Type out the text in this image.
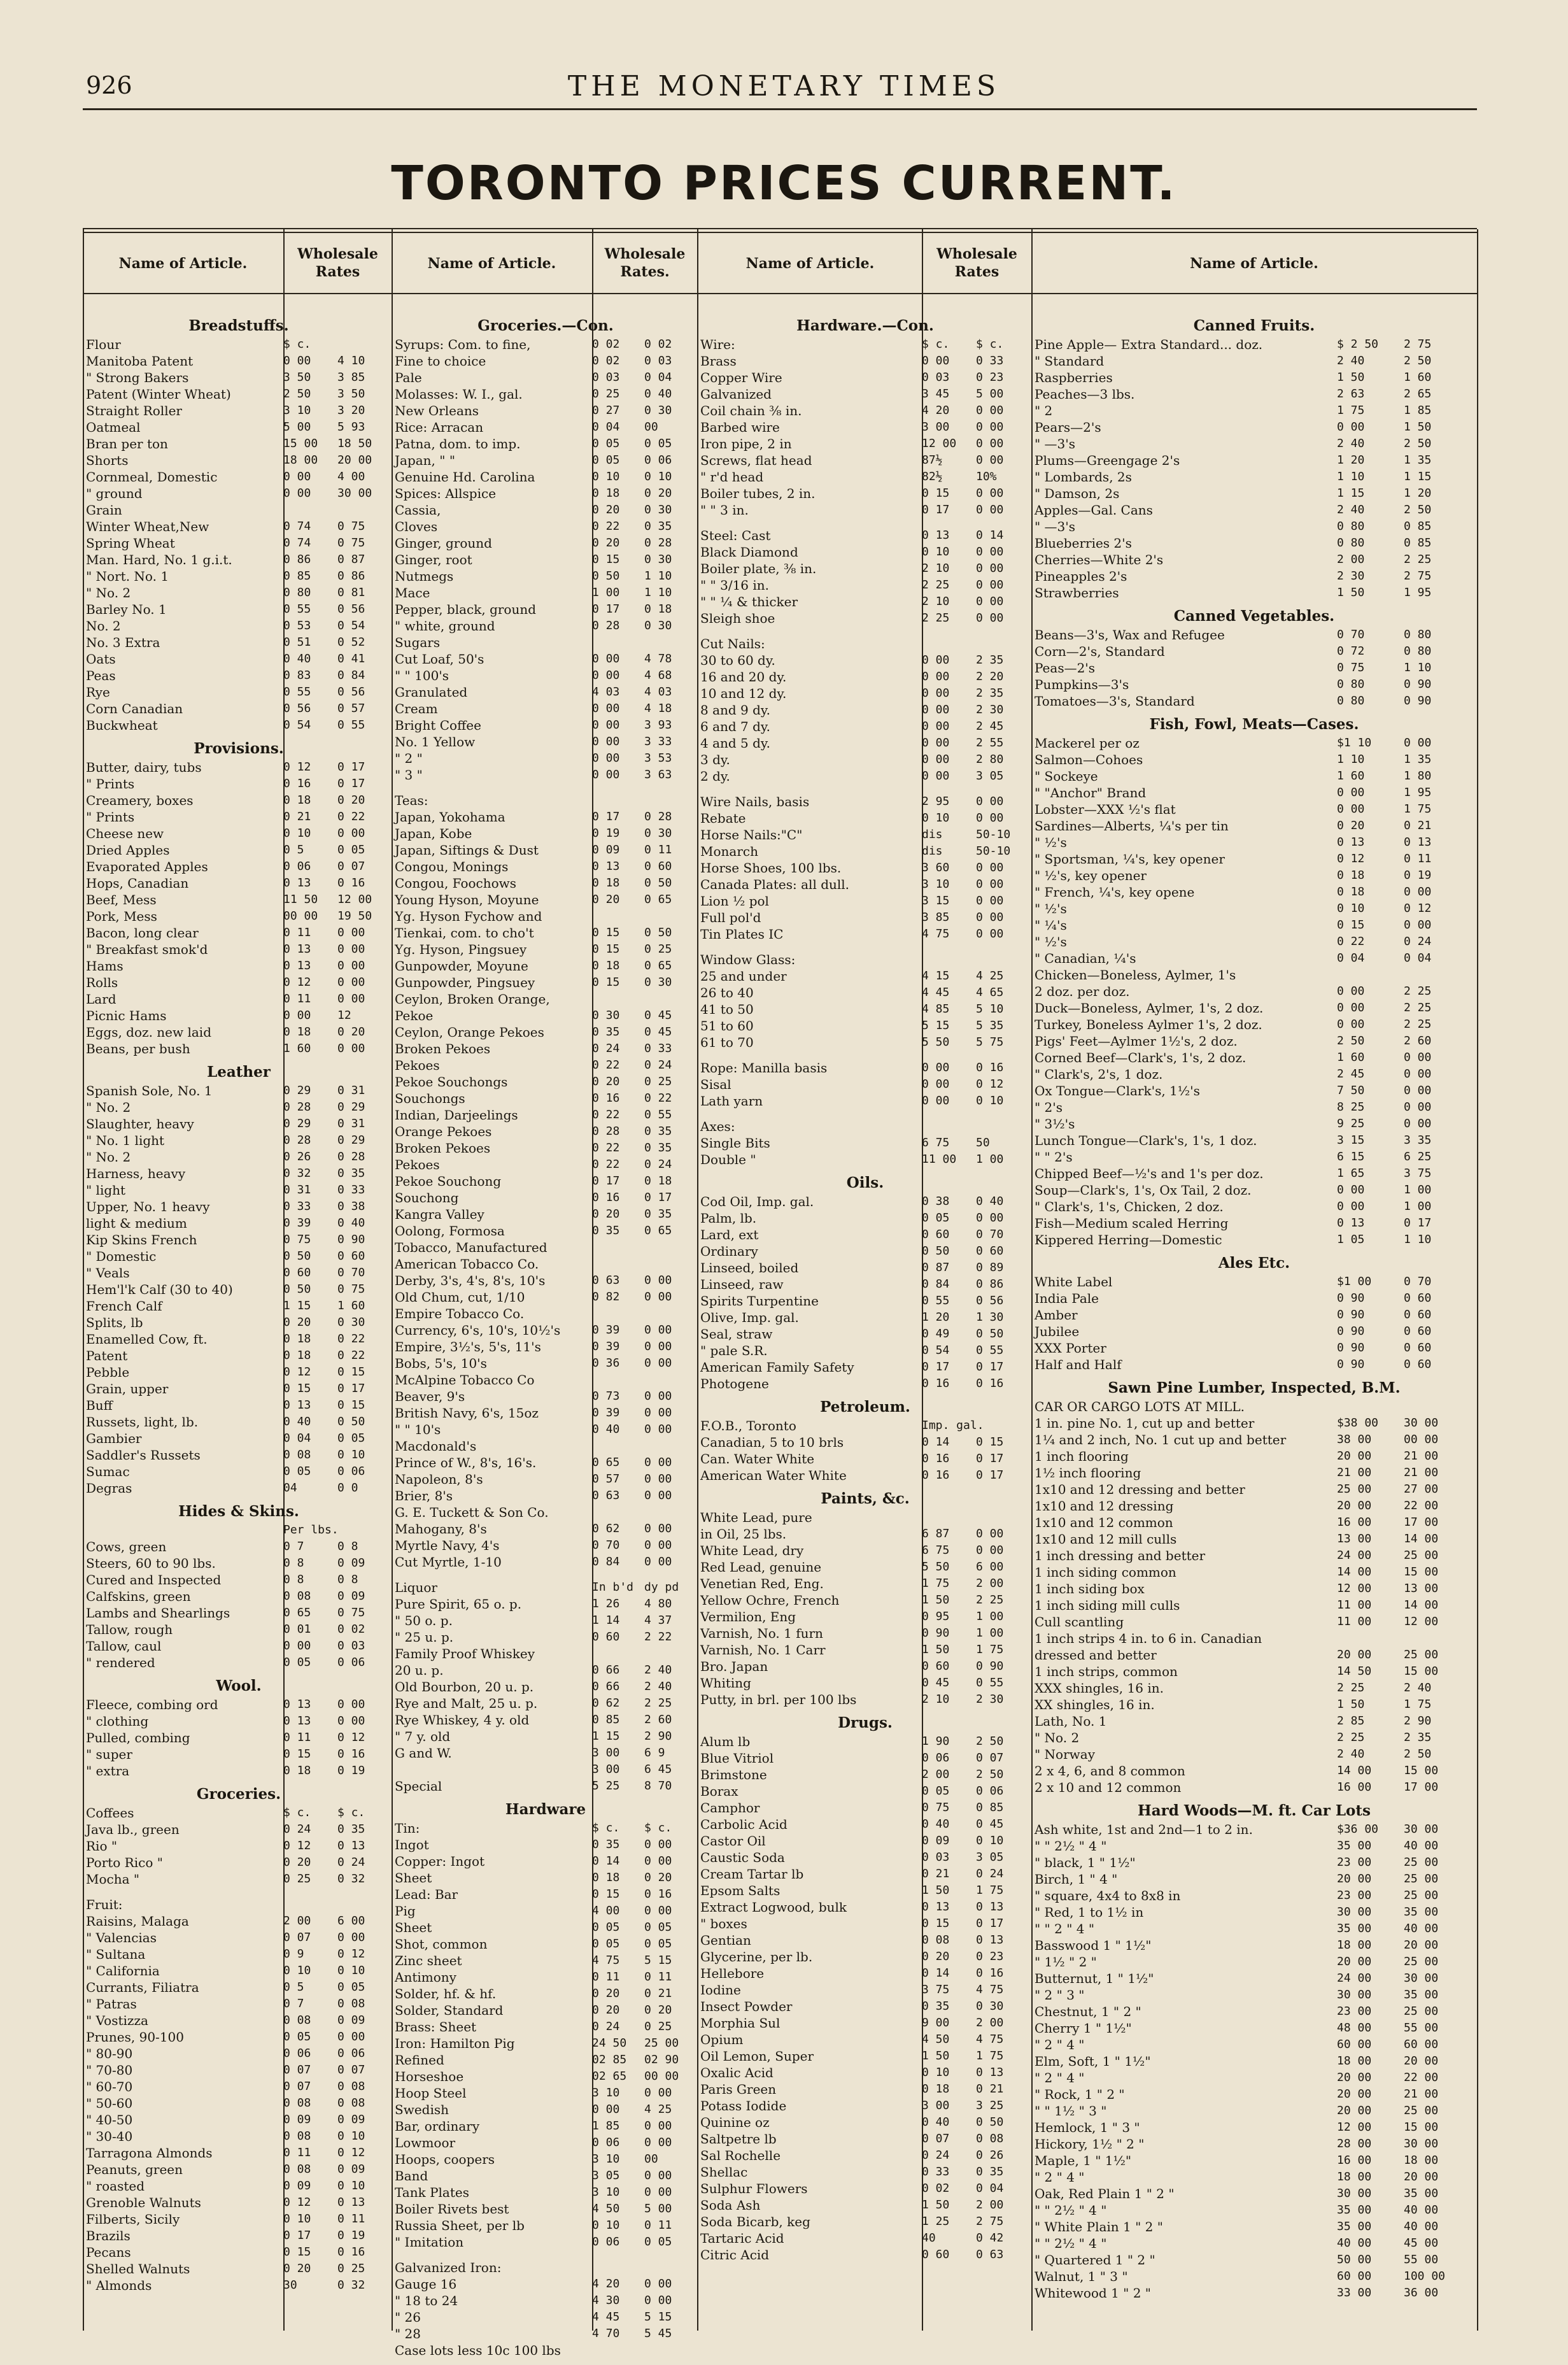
926	THE MONETARY TIMES
TORONTO PRICES CURRENT.
Name of Article.
Wholesale Rates	Name of Article.
Wholesale Rates.	Name of Article.
Wholesale Rates	Name of Article.
Breadstuffs.
Flour	$ c.
Manitoba Patent	0 00	4 10
" Strong Bakers	3 50	3 85
Patent (Winter Wheat)	2 50	3 50
Straight Roller	3 10	3 20
Oatmeal	5 00	5 93
Bran per ton	15 00	18 50
Shorts	18 00	20 00
Cornmeal, Domestic	0 00	4 00
" ground	0 00	30 00
Grain
Winter Wheat,New	0 74	0 75
Spring Wheat	0 74	0 75
Man. Hard, No. 1 g.i.t.	0 86	0 87
" Nort. No. 1	0 85	0 86
" No. 2	0 80	0 81
Barley No. 1	0 55	0 56
No. 2	0 53	0 54
No. 3 Extra	0 51	0 52
Oats	0 40	0 41
Peas	0 83	0 84
Rye	0 55	0 56
Corn Canadian	0 56	0 57
Buckwheat	0 54	0 55
Provisions.
Butter, dairy, tubs	0 12	0 17
" Prints	0 16	0 17
Creamery, boxes	0 18	0 20
" Prints	0 21	0 22
Cheese new	0 10	0 00
Dried Apples	0 5	0 05
Evaporated Apples	0 06	0 07
Hops, Canadian	0 13	0 16
Beef, Mess	11 50	12 00
Pork, Mess	00 00	19 50
Bacon, long clear	0 11	0 00
" Breakfast smok'd	0 13	0 00
Hams	0 13	0 00
Rolls	0 12	0 00
Lard	0 11	0 00
Picnic Hams	0 00	12
Eggs, doz. new laid	0 18	0 20
Beans, per bush	1 60	0 00
Leather
Spanish Sole, No. 1	0 29	0 31
" No. 2	0 28	0 29
Slaughter, heavy	0 29	0 31
" No. 1 light	0 28	0 29
" No. 2	0 26	0 28
Harness, heavy	0 32	0 35
" light	0 31	0 33
Upper, No. 1 heavy	0 33	0 38
light & medium	0 39	0 40
Kip Skins French	0 75	0 90
" Domestic	0 50	0 60
" Veals	0 60	0 70
Hem'l'k Calf (30 to 40)	0 50	0 75
French Calf	1 15	1 60
Splits, lb	0 20	0 30
Enamelled Cow, ft.	0 18	0 22
Patent	0 18	0 22
Pebble	0 12	0 15
Grain, upper	0 15	0 17
Buff	0 13	0 15
Russets, light, lb.	0 40	0 50
Gambier	0 04	0 05
Saddler's Russets	0 08	0 10
Sumac	0 05	0 06
Degras	04	0 0
Hides & Skins.
Per lbs.
Cows, green	0 7	0 8
Steers, 60 to 90 lbs.	0 8	0 09
Cured and Inspected	0 8	0 8
Calfskins, green	0 08	0 09
Lambs and Shearlings	0 65	0 75
Tallow, rough	0 01	0 02
Tallow, caul	0 00	0 03
" rendered	0 05	0 06
Wool.
Fleece, combing ord	0 13	0 00
" clothing	0 13	0 00
Pulled, combing	0 11	0 12
" super	0 15	0 16
" extra	0 18	0 19
Groceries.
Coffees	$ c.	$ c.
Java lb., green	0 24	0 35
Rio "	0 12	0 13
Porto Rico "	0 20	0 24
Mocha "	0 25	0 32
Fruit:
Raisins, Malaga	2 00	6 00
" Valencias	0 07	0 00
" Sultana	0 9	0 12
" California	0 10	0 10
Currants, Filiatra	0 5	0 05
" Patras	0 7	0 08
" Vostizza	0 08	0 09
Prunes, 90-100	0 05	0 00
" 80-90	0 06	0 06
" 70-80	0 07	0 07
" 60-70	0 07	0 08
" 50-60	0 08	0 08
" 40-50	0 09	0 09
" 30-40	0 08	0 10
Tarragona Almonds	0 11	0 12
Peanuts, green	0 08	0 09
" roasted	0 09	0 10
Grenoble Walnuts	0 12	0 13
Filberts, Sicily	0 10	0 11
Brazils	0 17	0 19
Pecans	0 15	0 16
Shelled Walnuts	0 20	0 25
" Almonds	30	0 32
Groceries.—Con.
Syrups: Com. to fine,	0 02	0 02
Fine to choice	0 02	0 03
Pale	0 03	0 04
Molasses: W. I., gal.	0 25	0 40
New Orleans	0 27	0 30
Rice: Arracan	0 04	00
Patna, dom. to imp.	0 05	0 05
Japan, " "	0 05	0 06
Genuine Hd. Carolina	0 10	0 10
Spices: Allspice	0 18	0 20
Cassia,	0 20	0 30
Cloves	0 22	0 35
Ginger, ground	0 20	0 28
Ginger, root	0 15	0 30
Nutmegs	0 50	1 10
Mace	1 00	1 10
Pepper, black, ground	0 17	0 18
" white, ground	0 28	0 30
Sugars
Cut Loaf, 50's	0 00	4 78
" " 100's	0 00	4 68
Granulated	4 03	4 03
Cream	0 00	4 18
Bright Coffee	0 00	3 93
No. 1 Yellow	0 00	3 33
" 2 "	0 00	3 53
" 3 "	0 00	3 63
Teas:
Japan, Yokohama	0 17	0 28
Japan, Kobe	0 19	0 30
Japan, Siftings & Dust	0 09	0 11
Congou, Monings	0 13	0 60
Congou, Foochows	0 18	0 50
Young Hyson, Moyune	0 20	0 65
Yg. Hyson Fychow and
Tienkai, com. to cho't	0 15	0 50
Yg. Hyson, Pingsuey	0 15	0 25
Gunpowder, Moyune	0 18	0 65
Gunpowder, Pingsuey	0 15	0 30
Ceylon, Broken Orange,
Pekoe	0 30	0 45
Ceylon, Orange Pekoes	0 35	0 45
Broken Pekoes	0 24	0 33
Pekoes	0 22	0 24
Pekoe Souchongs	0 20	0 25
Souchongs	0 16	0 22
Indian, Darjeelings	0 22	0 55
Orange Pekoes	0 28	0 35
Broken Pekoes	0 22	0 35
Pekoes	0 22	0 24
Pekoe Souchong	0 17	0 18
Souchong	0 16	0 17
Kangra Valley	0 20	0 35
Oolong, Formosa	0 35	0 65
Tobacco, Manufactured
American Tobacco Co.
Derby, 3's, 4's, 8's, 10's	0 63	0 00
Old Chum, cut, 1/10	0 82	0 00
Empire Tobacco Co.
Currency, 6's, 10's, 10½'s	0 39	0 00
Empire, 3½'s, 5's, 11's	0 39	0 00
Bobs, 5's, 10's	0 36	0 00
McAlpine Tobacco Co
Beaver, 9's	0 73	0 00
British Navy, 6's, 15oz	0 39	0 00
" " 10's	0 40	0 00
Macdonald's
Prince of W., 8's, 16's.	0 65	0 00
Napoleon, 8's	0 57	0 00
Brier, 8's	0 63	0 00
G. E. Tuckett & Son Co.
Mahogany, 8's	0 62	0 00
Myrtle Navy, 4's	0 70	0 00
Cut Myrtle, 1-10	0 84	0 00
Liquor	In b'd dy pd
Pure Spirit, 65 o. p.	1 26	4 80
" 50 o. p.	1 14	4 37
" 25 u. p.	0 60	2 22
Family Proof Whiskey
20 u. p.	0 66	2 40
Old Bourbon, 20 u. p.	0 66	2 40
Rye and Malt, 25 u. p.	0 62	2 25
Rye Whiskey, 4 y. old	0 85	2 60
" 7 y. old	1 15	2 90
G and W.	3 00	6 9
3 00	6 45
Special	5 25	8 70
Hardware
Tin:	$ c.	$ c.
Ingot	0 35	0 00
Copper: Ingot	0 14	0 00
Sheet	0 18	0 20
Lead: Bar	0 15	0 16
Pig	4 00	0 00
Sheet	0 05	0 05
Shot, common	0 05	0 05
Zinc sheet	4 75	5 15
Antimony	0 11	0 11
Solder, hf. & hf.	0 20	0 21
Solder, Standard	0 20	0 20
Brass: Sheet	0 24	0 25
Iron: Hamilton Pig	24 50	25 00
Refined	02 85	02 90
Horseshoe	02 65	00 00
Hoop Steel	3 10	0 00
Swedish	0 00	4 25
Bar, ordinary	1 85	0 00
Lowmoor	0 06	0 00
Hoops, coopers	3 10	00
Band	3 05	0 00
Tank Plates	3 10	0 00
Boiler Rivets best	4 50	5 00
Russia Sheet, per lb	0 10	0 11
" Imitation	0 06	0 05
Galvanized Iron:
Gauge 16	4 20	0 00
" 18 to 24	4 30	0 00
" 26	4 45	5 15
" 28	4 70	5 45
Case lots less 10c 100 lbs
Hardware.—Con.
Wire:	$ c.	$ c.
Brass	0 00	0 33
Copper Wire	0 03	0 23
Galvanized	3 45	5 00
Coil chain ⅜ in.	4 20	0 00
Barbed wire	3 00	0 00
Iron pipe, 2 in	12 00	0 00
Screws, flat head	87½	0 00
" r'd head	82½	10%
Boiler tubes, 2 in.	0 15	0 00
" " 3 in.	0 17	0 00
Steel: Cast	0 13	0 14
Black Diamond	0 10	0 00
Boiler plate, ⅜ in.	2 10	0 00
" " 3/16 in.	2 25	0 00
" " ¼ & thicker	2 10	0 00
Sleigh shoe	2 25	0 00
Cut Nails:
30 to 60 dy.	0 00	2 35
16 and 20 dy.	0 00	2 20
10 and 12 dy.	0 00	2 35
8 and 9 dy.	0 00	2 30
6 and 7 dy.	0 00	2 45
4 and 5 dy.	0 00	2 55
3 dy.	0 00	2 80
2 dy.	0 00	3 05
Wire Nails, basis	2 95	0 00
Rebate	0 10	0 00
Horse Nails:"C"	dis	50-10
Monarch	dis	50-10
Horse Shoes, 100 lbs.	3 60	0 00
Canada Plates: all dull.	3 10	0 00
Lion ½ pol	3 15	0 00
Full pol'd	3 85	0 00
Tin Plates IC	4 75	0 00
Window Glass:
25 and under	4 15	4 25
26 to 40	4 45	4 65
41 to 50	4 85	5 10
51 to 60	5 15	5 35
61 to 70	5 50	5 75
Rope: Manilla basis	0 00	0 16
Sisal	0 00	0 12
Lath yarn	0 00	0 10
Axes:
Single Bits	6 75	50
Double "	11 00	1 00
Oils.
Cod Oil, Imp. gal.	0 38	0 40
Palm, lb.	0 05	0 00
Lard, ext	0 60	0 70
Ordinary	0 50	0 60
Linseed, boiled	0 87	0 89
Linseed, raw	0 84	0 86
Spirits Turpentine	0 55	0 56
Olive, Imp. gal.	1 20	1 30
Seal, straw	0 49	0 50
" pale S.R.	0 54	0 55
American Family Safety	0 17	0 17
Photogene	0 16	0 16
Petroleum.
F.O.B., Toronto	Imp. gal.
Canadian, 5 to 10 brls	0 14	0 15
Can. Water White	0 16	0 17
American Water White	0 16	0 17
Paints, &c.
White Lead, pure
in Oil, 25 lbs.	6 87	0 00
White Lead, dry	6 75	0 00
Red Lead, genuine	5 50	6 00
Venetian Red, Eng.	1 75	2 00
Yellow Ochre, French	1 50	2 25
Vermilion, Eng	0 95	1 00
Varnish, No. 1 furn	0 90	1 00
Varnish, No. 1 Carr	1 50	1 75
Bro. Japan	0 60	0 90
Whiting	0 45	0 55
Putty, in brl. per 100 lbs	2 10	2 30
Drugs.
Alum lb	1 90	2 50
Blue Vitriol	0 06	0 07
Brimstone	2 00	2 50
Borax	0 05	0 06
Camphor	0 75	0 85
Carbolic Acid	0 40	0 45
Castor Oil	0 09	0 10
Caustic Soda	0 03	3 05
Cream Tartar lb	0 21	0 24
Epsom Salts	1 50	1 75
Extract Logwood, bulk	0 13	0 13
" boxes	0 15	0 17
Gentian	0 08	0 13
Glycerine, per lb.	0 20	0 23
Hellebore	0 14	0 16
Iodine	3 75	4 75
Insect Powder	0 35	0 30
Morphia Sul	9 00	2 00
Opium	4 50	4 75
Oil Lemon, Super	1 50	1 75
Oxalic Acid	0 10	0 13
Paris Green	0 18	0 21
Potass Iodide	3 00	3 25
Quinine oz	0 40	0 50
Saltpetre lb	0 07	0 08
Sal Rochelle	0 24	0 26
Shellac	0 33	0 35
Sulphur Flowers	0 02	0 04
Soda Ash	1 50	2 00
Soda Bicarb, keg	1 25	2 75
Tartaric Acid	40	0 42
Citric Acid	0 60	0 63
Canned Fruits.
Pine Apple— Extra Standard... doz.	$ 2 50	2 75
" Standard	2 40	2 50
Raspberries	1 50	1 60
Peaches—3 lbs.	2 63	2 65
" 2	1 75	1 85
Pears—2's	0 00	1 50
" —3's	2 40	2 50
Plums—Greengage 2's	1 20	1 35
" Lombards, 2s	1 10	1 15
" Damson, 2s	1 15	1 20
Apples—Gal. Cans	2 40	2 50
" —3's	0 80	0 85
Blueberries 2's	0 80	0 85
Cherries—White 2's	2 00	2 25
Pineapples 2's	2 30	2 75
Strawberries	1 50	1 95
Canned Vegetables.
Beans—3's, Wax and Refugee	0 70	0 80
Corn—2's, Standard	0 72	0 80
Peas—2's	0 75	1 10
Pumpkins—3's	0 80	0 90
Tomatoes—3's, Standard	0 80	0 90
Fish, Fowl, Meats—Cases.
Mackerel per oz	$1 10	0 00
Salmon—Cohoes	1 10	1 35
" Sockeye	1 60	1 80
" "Anchor" Brand	0 00	1 95
Lobster—XXX ½'s flat	0 00	1 75
Sardines—Alberts, ¼'s per tin	0 20	0 21
" ½'s	0 13	0 13
" Sportsman, ¼'s, key opener	0 12	0 11
" ½'s, key opener	0 18	0 19
" French, ¼'s, key opene	0 18	0 00
" ½'s	0 10	0 12
" ¼'s	0 15	0 00
" ½'s	0 22	0 24
" Canadian, ¼'s	0 04	0 04
Chicken—Boneless, Aylmer, 1's
2 doz. per doz.	0 00	2 25
Duck—Boneless, Aylmer, 1's, 2 doz.	0 00	2 25
Turkey, Boneless Aylmer 1's, 2 doz.	0 00	2 25
Pigs' Feet—Aylmer 1½'s, 2 doz.	2 50	2 60
Corned Beef—Clark's, 1's, 2 doz.	1 60	0 00
" Clark's, 2's, 1 doz.	2 45	0 00
Ox Tongue—Clark's, 1½'s	7 50	0 00
" 2's	8 25	0 00
" 3½'s	9 25	0 00
Lunch Tongue—Clark's, 1's, 1 doz.	3 15	3 35
" " 2's	6 15	6 25
Chipped Beef—½'s and 1's per doz.	1 65	3 75
Soup—Clark's, 1's, Ox Tail, 2 doz.	0 00	1 00
" Clark's, 1's, Chicken, 2 doz.	0 00	1 00
Fish—Medium scaled Herring	0 13	0 17
Kippered Herring—Domestic	1 05	1 10
Ales Etc.
White Label	$1 00	0 70
India Pale	0 90	0 60
Amber	0 90	0 60
Jubilee	0 90	0 60
XXX Porter	0 90	0 60
Half and Half	0 90	0 60
Sawn Pine Lumber, Inspected, B.M.
CAR OR CARGO LOTS AT MILL.
1 in. pine No. 1, cut up and better	$38 00	30 00
1¼ and 2 inch, No. 1 cut up and better	38 00	00 00
1 inch flooring	20 00	21 00
1½ inch flooring	21 00	21 00
1x10 and 12 dressing and better	25 00	27 00
1x10 and 12 dressing	20 00	22 00
1x10 and 12 common	16 00	17 00
1x10 and 12 mill culls	13 00	14 00
1 inch dressing and better	24 00	25 00
1 inch siding common	14 00	15 00
1 inch siding box	12 00	13 00
1 inch siding mill culls	11 00	14 00
Cull scantling	11 00	12 00
1 inch strips 4 in. to 6 in. Canadian
dressed and better	20 00	25 00
1 inch strips, common	14 50	15 00
XXX shingles, 16 in.	2 25	2 40
XX shingles, 16 in.	1 50	1 75
Lath, No. 1	2 85	2 90
" No. 2	2 25	2 35
" Norway	2 40	2 50
2 x 4, 6, and 8 common	14 00	15 00
2 x 10 and 12 common	16 00	17 00
Hard Woods—M. ft. Car Lots
Ash white, 1st and 2nd—1 to 2 in.	$36 00	30 00
" " 2½ " 4 "	35 00	40 00
" black, 1 " 1½"	23 00	25 00
Birch, 1 " 4 "	20 00	25 00
" square, 4x4 to 8x8 in	23 00	25 00
" Red, 1 to 1½ in	30 00	35 00
" " 2 " 4 "	35 00	40 00
Basswood 1 " 1½"	18 00	20 00
" 1½ " 2 "	20 00	25 00
Butternut, 1 " 1½"	24 00	30 00
" 2 " 3 "	30 00	35 00
Chestnut, 1 " 2 "	23 00	25 00
Cherry 1 " 1½"	48 00	55 00
" 2 " 4 "	60 00	60 00
Elm, Soft, 1 " 1½"	18 00	20 00
" 2 " 4 "	20 00	22 00
" Rock, 1 " 2 "	20 00	21 00
" " 1½ " 3 "	20 00	25 00
Hemlock, 1 " 3 "	12 00	15 00
Hickory, 1½ " 2 "	28 00	30 00
Maple, 1 " 1½"	16 00	18 00
" 2 " 4 "	18 00	20 00
Oak, Red Plain 1 " 2 "	30 00	35 00
" " 2½ " 4 "	35 00	40 00
" White Plain 1 " 2 "	35 00	40 00
" " 2½ " 4 "	40 00	45 00
" Quartered 1 " 2 "	50 00	55 00
Walnut, 1 " 3 "	60 00	100 00
Whitewood 1 " 2 "	33 00	36 00
